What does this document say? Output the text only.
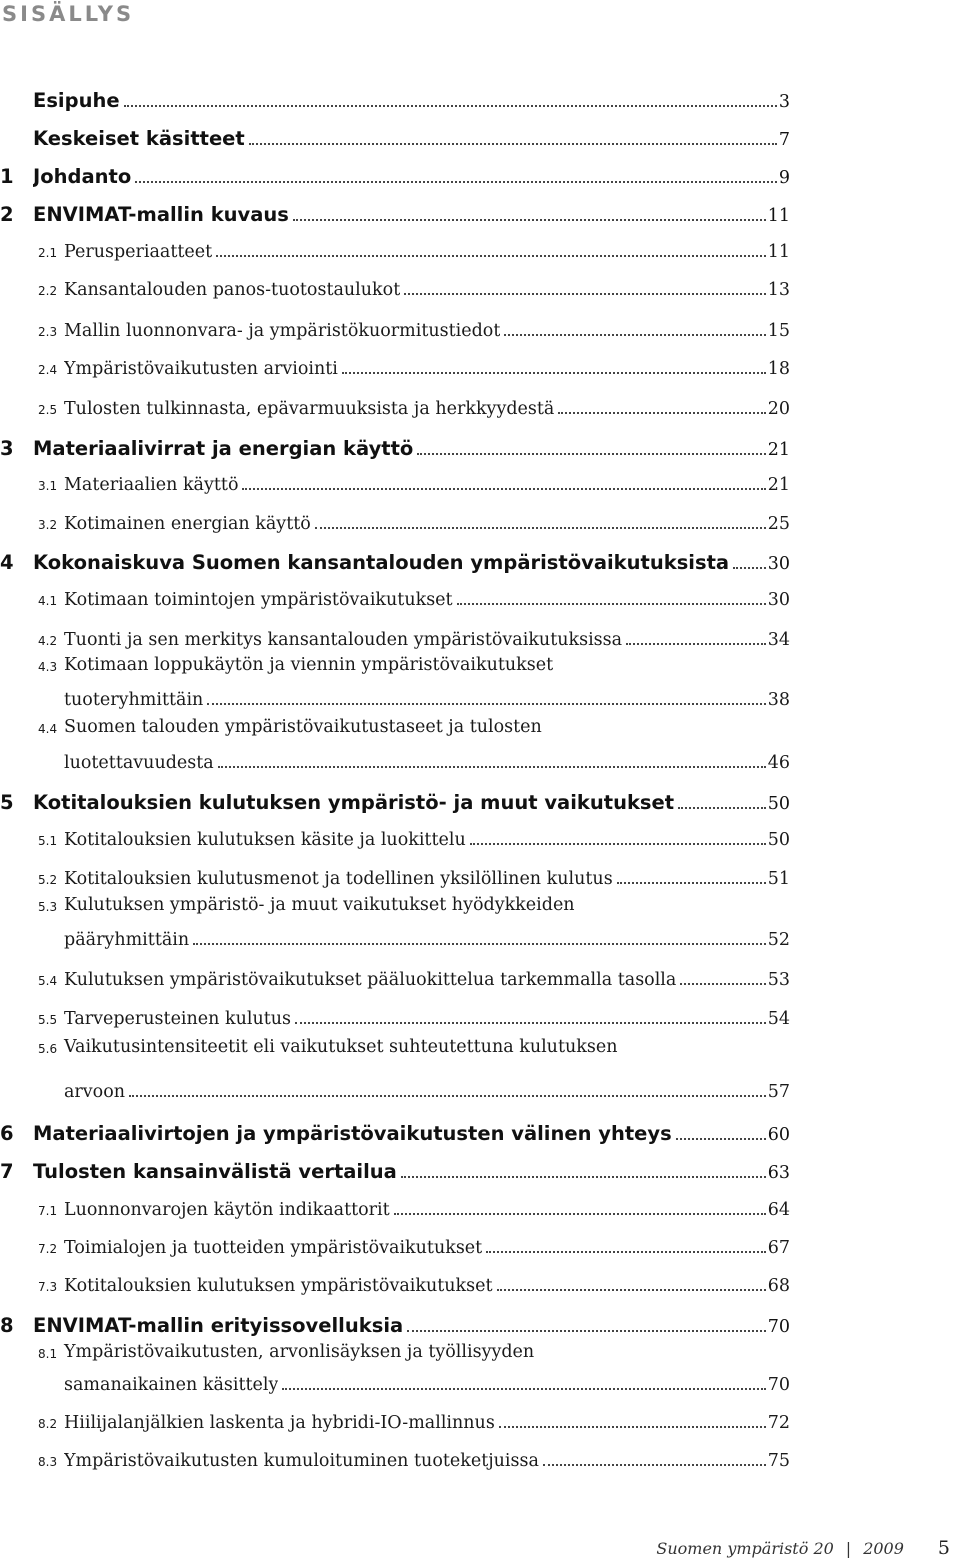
SISÄLLYS
Esipuhe	3
Keskeiset käsitteet	7
1 Johdanto	9
2 ENVIMAT-mallin kuvaus	11
2.1 Perusperiaatteet	11
2.2 Kansantalouden panos-tuotostaulukot	13
2.3 Mallin luonnonvara- ja ympäristökuormitustiedot	15
2.4 Ympäristövaikutusten arviointi	18
2.5 Tulosten tulkinnasta, epävarmuuksista ja herkkyydestä	20
3 Materiaalivirrat ja energian käyttö	21
3.1 Materiaalien käyttö	21
3.2 Kotimainen energian käyttö	25
4 Kokonaiskuva Suomen kansantalouden ympäristövaikutuksista 30
4.1 Kotimaan toimintojen ympäristövaikutukset	30
4.2 Tuonti ja sen merkitys kansantalouden ympäristövaikutuksissa	34
Kotimaan loppukäytön ja viennin ympäristövaikutukset
4.3
tuoteryhmittäin	38
Suomen talouden ympäristövaikutustaseet ja tulosten
4.4
luotettavuudesta	46
5 Kotitalouksien kulutuksen ympäristö- ja muut vaikutukset	50
5.1 Kotitalouksien kulutuksen käsite ja luokittelu	50
5.2 Kotitalouksien kulutusmenot ja todellinen yksilöllinen kulutus	51
Kulutuksen ympäristö- ja muut vaikutukset hyödykkeiden
5.3
pääryhmittäin	52
5.4 Kulutuksen ympäristövaikutukset pääluokittelua tarkemmalla tasolla	53
5.5 Tarveperusteinen kulutus	54
Vaikutusintensiteetit eli vaikutukset suhteutettuna kulutuksen
5.6
arvoon	57
6 Materiaalivirtojen ja ympäristövaikutusten välinen yhteys	60
7 Tulosten kansainvälistä vertailua	63
7.1 Luonnonvarojen käytön indikaattorit	64
7.2 Toimialojen ja tuotteiden ympäristövaikutukset	67
7.3 Kotitalouksien kulutuksen ympäristövaikutukset	68
8 ENVIMAT-mallin erityissovelluksia	70
Ympäristövaikutusten, arvonlisäyksen ja työllisyyden
8.1
samanaikainen käsittely	70
8.2 Hiilijalanjälkien laskenta ja hybridi-IO-mallinnus	72
8.3 Ympäristövaikutusten kumuloituminen tuoteketjuissa	75
Suomen ympäristö 20 | 2009 5
